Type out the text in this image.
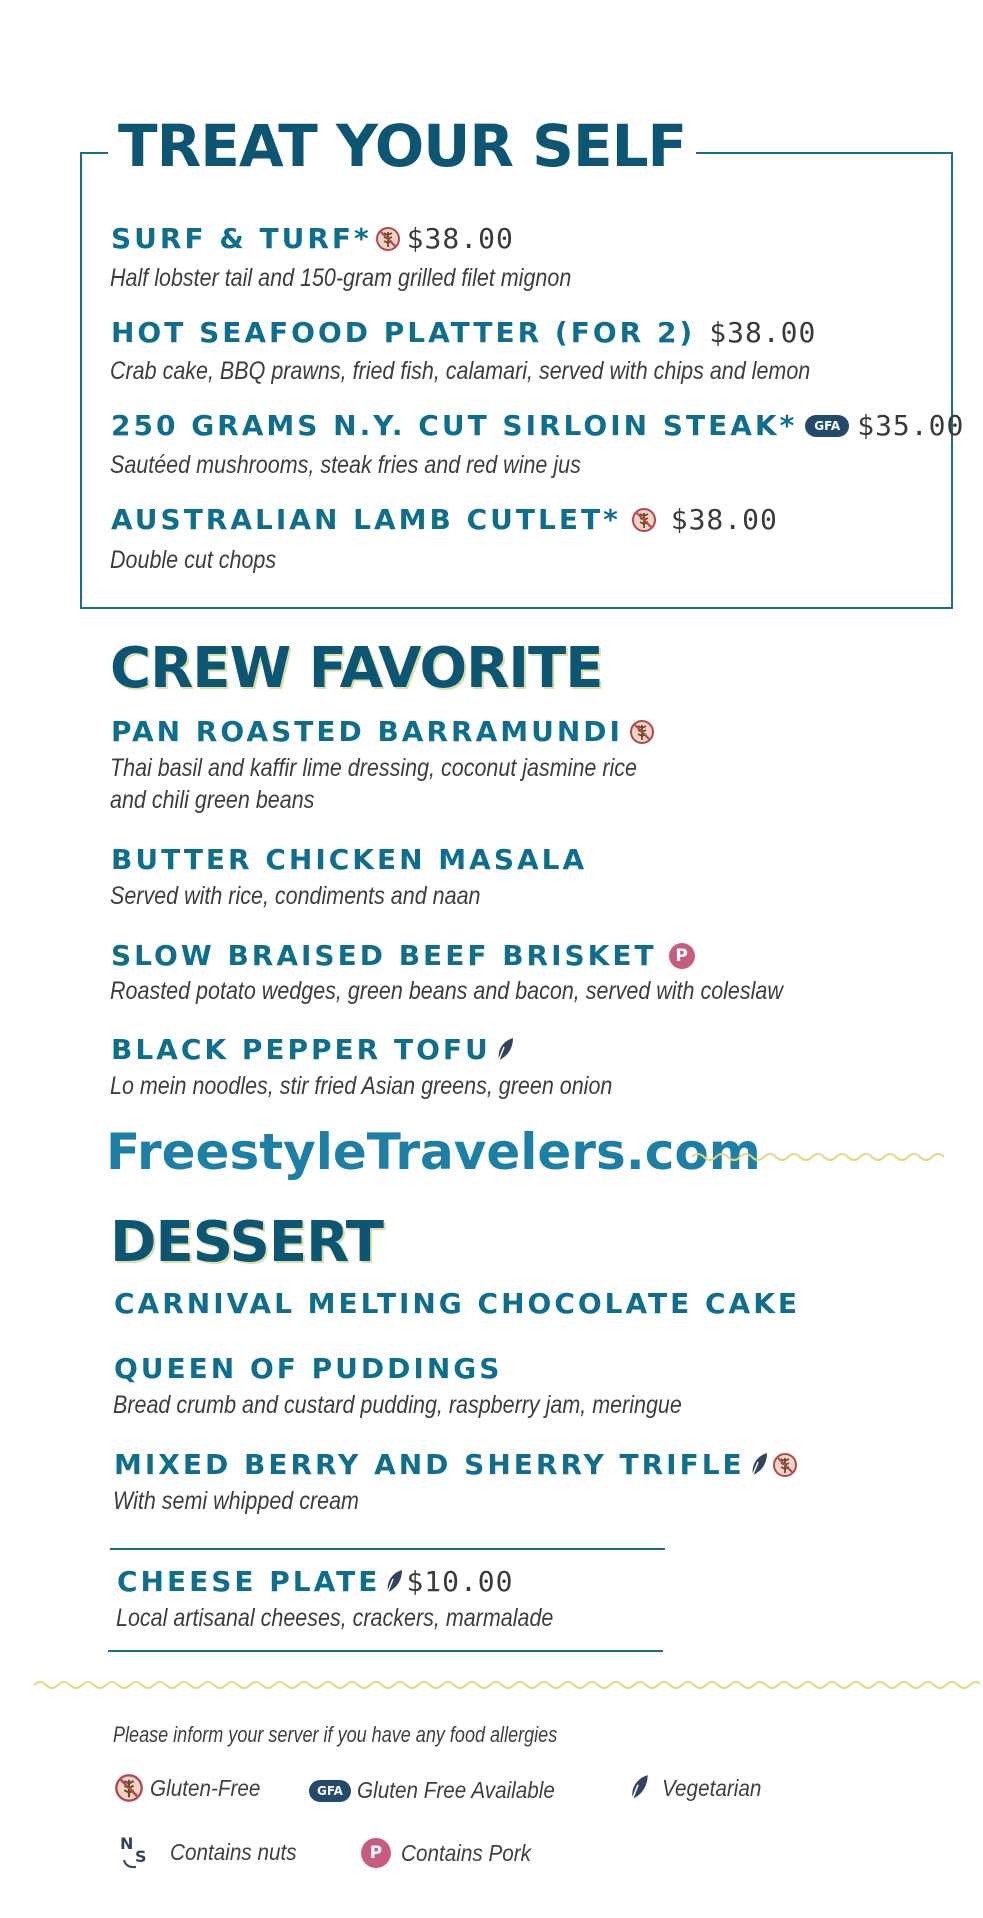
TREAT YOUR SELF
SURF & TURF* $38.00
Half lobster tail and 150-gram grilled filet mignon
HOT SEAFOOD PLATTER (FOR 2) $38.00
Crab cake, BBQ prawns, fried fish, calamari, served with chips and lemon
250 GRAMS N.Y. CUT SIRLOIN STEAK*	GFA $35.00
Sautéed mushrooms, steak fries and red wine jus
AUSTRALIAN LAMB CUTLET* $38.00
Double cut chops
CREW FAVORITE
PAN ROASTED BARRAMUNDI
Thai basil and kaffir lime dressing, coconut jasmine rice
and chili green beans
BUTTER CHICKEN MASALA
Served with rice, condiments and naan
SLOW BRAISED BEEF BRISKET	P
Roasted potato wedges, green beans and bacon, served with coleslaw
BLACK PEPPER TOFU
Lo mein noodles, stir fried Asian greens, green onion
FreestyleTravelers.com
DESSERT
CARNIVAL MELTING CHOCOLATE CAKE
QUEEN OF PUDDINGS
Bread crumb and custard pudding, raspberry jam, meringue
MIXED BERRY AND SHERRY TRIFLE
With semi whipped cream
CHEESE PLATE $10.00
Local artisanal cheeses, crackers, marmalade
Please inform your server if you have any food allergies
Gluten-Free	GFA Gluten Free Available	Vegetarian
N
S Contains nuts	P Contains Pork
